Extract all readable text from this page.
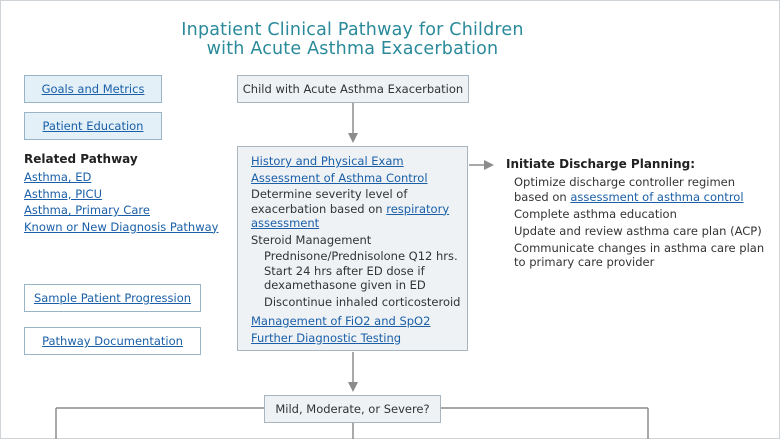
Inpatient Clinical Pathway for Children
with Acute Asthma Exacerbation
Goals and Metrics
Patient Education
Related Pathway
Asthma, ED
Asthma, PICU
Asthma, Primary Care
Known or New Diagnosis Pathway
Sample Patient Progression
Pathway Documentation
Child with Acute Asthma Exacerbation
History and Physical Exam
Assessment of Asthma Control
Determine severity level of exacerbation based on respiratory assessment
Steroid Management
Prednisone/Prednisolone Q12 hrs. Start 24 hrs after ED dose if dexamethasone given in ED
Discontinue inhaled corticosteroid
Management of FiO2 and SpO2
Further Diagnostic Testing
Initiate Discharge Planning:
Optimize discharge controller regimen based on assessment of asthma control
Complete asthma education
Update and review asthma care plan (ACP)
Communicate changes in asthma care plan to primary care provider
Mild, Moderate, or Severe?
